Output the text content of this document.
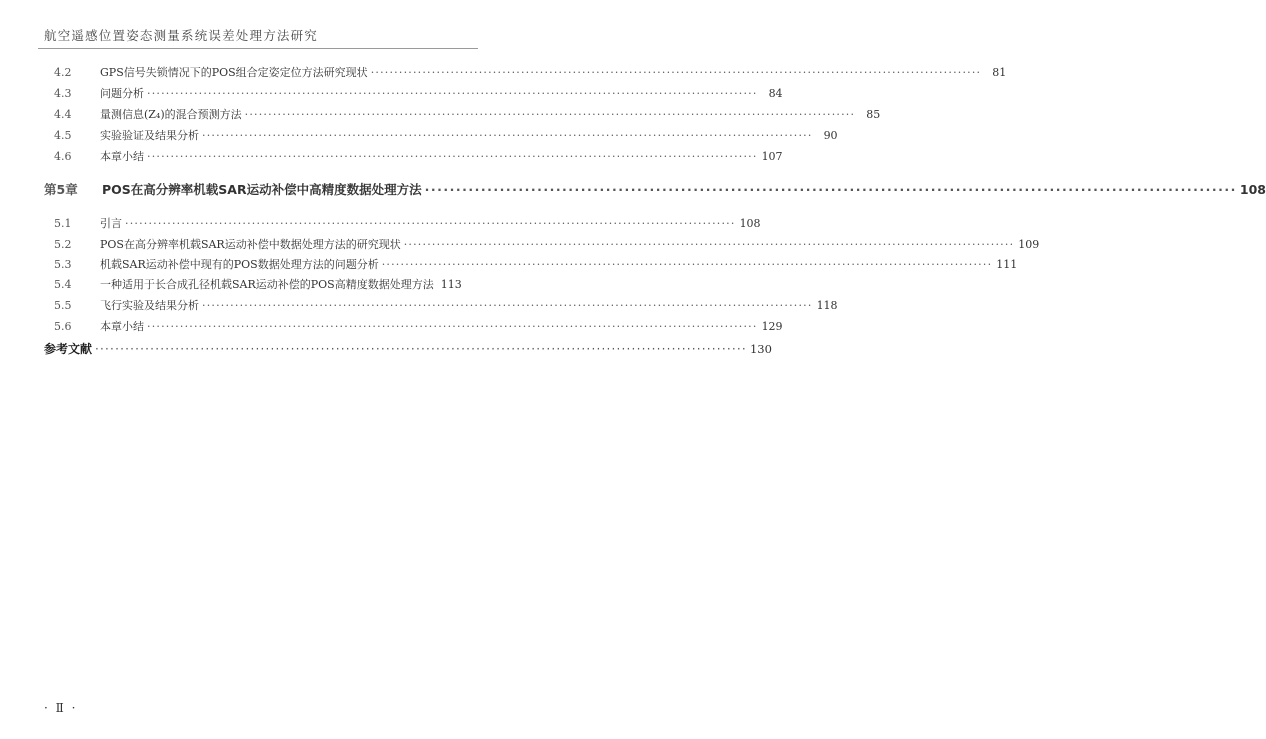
航空遥感位置姿态测量系统误差处理方法研究
4.2	GPS信号失锁情况下的POS组合定姿定位方法研究现状 ··································································································································	81
4.3	问题分析 ··································································································································	84
4.4	量测信息(Z₄)的混合预测方法 ··································································································································	85
4.5	实验验证及结果分析 ··································································································································	90
4.6	本章小结 ·································································································································· 107
第5章	POS在高分辨率机载SAR运动补偿中高精度数据处理方法 ·································································································································· 108
5.1	引言 ·································································································································· 108
5.2	POS在高分辨率机载SAR运动补偿中数据处理方法的研究现状 ·································································································································· 109
5.3	机载SAR运动补偿中现有的POS数据处理方法的问题分析 ·································································································································· 111
5.4	一种适用于长合成孔径机载SAR运动补偿的POS高精度数据处理方法 113
5.5	飞行实验及结果分析 ·································································································································· 118
5.6	本章小结 ·································································································································· 129
参考文献 ·································································································································· 130
· Ⅱ ·
